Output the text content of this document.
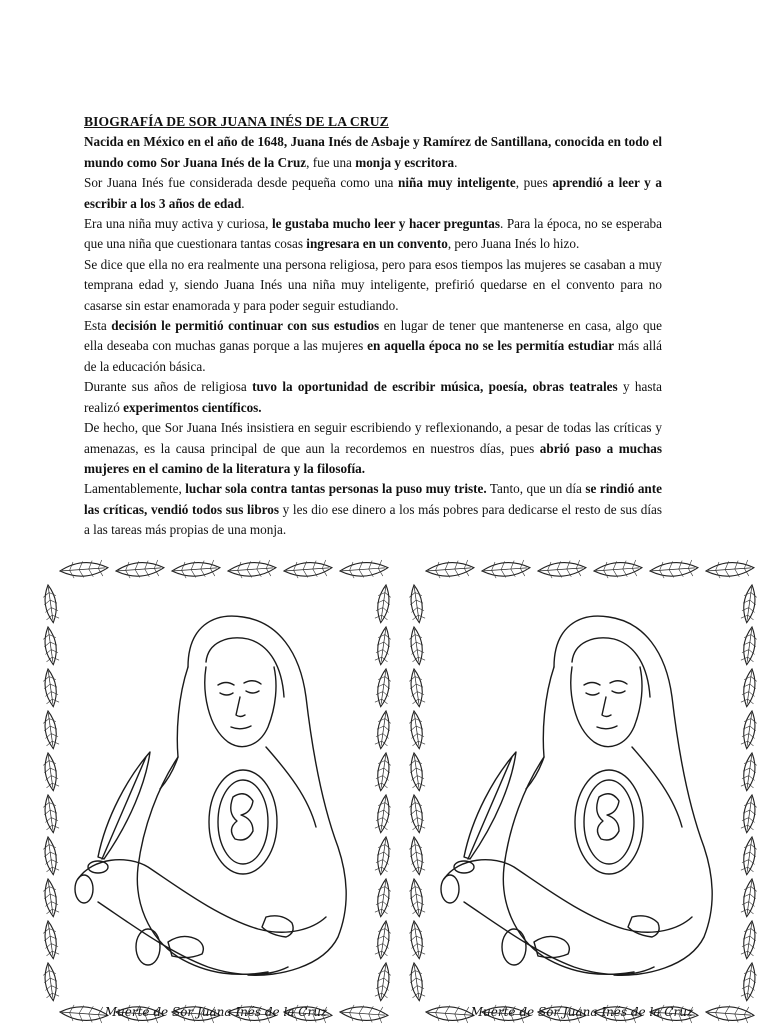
BIOGRAFÍA DE SOR JUANA INÉS DE LA CRUZ

Nacida en México en el año de 1648, Juana Inés de Asbaje y Ramírez de Santillana, conocida en todo el mundo como Sor Juana Inés de la Cruz, fue una monja y escritora.

Sor Juana Inés fue considerada desde pequeña como una niña muy inteligente, pues aprendió a leer y a escribir a los 3 años de edad.

Era una niña muy activa y curiosa, le gustaba mucho leer y hacer preguntas. Para la época, no se esperaba que una niña que cuestionara tantas cosas ingresara en un convento, pero Juana Inés lo hizo.

Se dice que ella no era realmente una persona religiosa, pero para esos tiempos las mujeres se casaban a muy temprana edad y, siendo Juana Inés una niña muy inteligente, prefirió quedarse en el convento para no casarse sin estar enamorada y para poder seguir estudiando.

Esta decisión le permitió continuar con sus estudios en lugar de tener que mantenerse en casa, algo que ella deseaba con muchas ganas porque a las mujeres en aquella época no se les permitía estudiar más allá de la educación básica.

Durante sus años de religiosa tuvo la oportunidad de escribir música, poesía, obras teatrales y hasta realizó experimentos científicos.

De hecho, que Sor Juana Inés insistiera en seguir escribiendo y reflexionando, a pesar de todas las críticas y amenazas, es la causa principal de que aun la recordemos en nuestros días, pues abrió paso a muchas mujeres en el camino de la literatura y la filosofía.

Lamentablemente, luchar sola contra tantas personas la puso muy triste. Tanto, que un día se rindió ante las críticas, vendió todos sus libros y les dio ese dinero a los más pobres para dedicarse el resto de sus días a las tareas más propias de una monja.

Muerte de Sor Juana Inés de la Cruz	Muerte de Sor Juana Inés de la Cruz
